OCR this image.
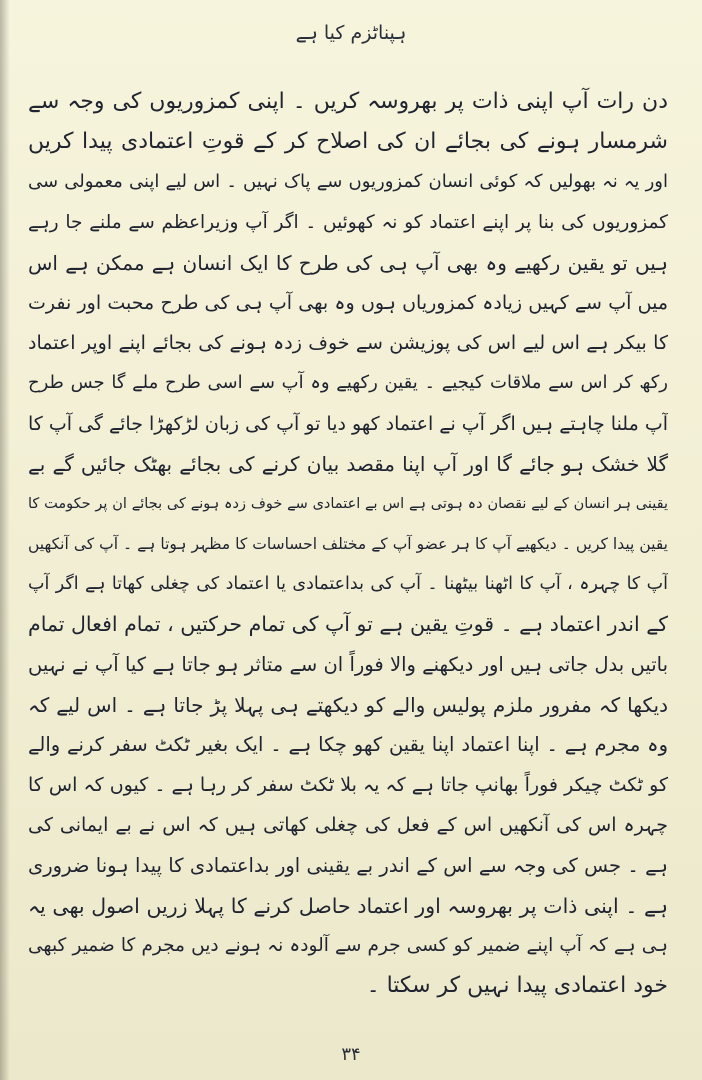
ہپناٹزم کیا ہے
دن رات آپ اپنی ذات پر بھروسہ کریں ۔ اپنی کمزوریوں کی وجہ سے
شرمسار ہونے کی بجائے ان کی اصلاح کر کے قوتِ اعتمادی پیدا کریں
اور یہ نہ بھولیں کہ کوئی انسان کمزوریوں سے پاک نہیں ۔ اس لیے اپنی معمولی سی
کمزوریوں کی بنا پر اپنے اعتماد کو نہ کھوئیں ۔ اگر آپ وزیراعظم سے ملنے جا رہے
ہیں تو یقین رکھیے وہ بھی آپ ہی کی طرح کا ایک انسان ہے ممکن ہے اس
میں آپ سے کہیں زیادہ کمزوریاں ہوں وہ بھی آپ ہی کی طرح محبت اور نفرت
کا بیکر ہے اس لیے اس کی پوزیشن سے خوف زدہ ہونے کی بجائے اپنے اوپر اعتماد
رکھ کر اس سے ملاقات کیجیے ۔ یقین رکھیے وہ آپ سے اسی طرح ملے گا جس طرح
آپ ملنا چاہتے ہیں اگر آپ نے اعتماد کھو دیا تو آپ کی زبان لڑکھڑا جائے گی آپ کا
گلا خشک ہو جائے گا اور آپ اپنا مقصد بیان کرنے کی بجائے بھٹک جائیں گے بے
یقینی ہر انسان کے لیے نقصان دہ ہوتی ہے اس بے اعتمادی سے خوف زدہ ہونے کی بجائے ان پر حکومت کا
یقین پیدا کریں ۔ دیکھیے آپ کا ہر عضو آپ کے مختلف احساسات کا مظہر ہوتا ہے ۔ آپ کی آنکھیں
آپ کا چہرہ ، آپ کا اٹھنا بیٹھنا ۔ آپ کی بداعتمادی یا اعتماد کی چغلی کھاتا ہے اگر آپ
کے اندر اعتماد ہے ۔ قوتِ یقین ہے تو آپ کی تمام حرکتیں ، تمام افعال تمام
باتیں بدل جاتی ہیں اور دیکھنے والا فوراً ان سے متاثر ہو جاتا ہے کیا آپ نے نہیں
دیکھا کہ مفرور ملزم پولیس والے کو دیکھتے ہی پہلا پڑ جاتا ہے ۔ اس لیے کہ
وہ مجرم ہے ۔ اپنا اعتماد اپنا یقین کھو چکا ہے ۔ ایک بغیر ٹکٹ سفر کرنے والے
کو ٹکٹ چیکر فوراً بھانپ جاتا ہے کہ یہ بلا ٹکٹ سفر کر رہا ہے ۔ کیوں کہ اس کا
چہرہ اس کی آنکھیں اس کے فعل کی چغلی کھاتی ہیں کہ اس نے بے ایمانی کی
ہے ۔ جس کی وجہ سے اس کے اندر بے یقینی اور بداعتمادی کا پیدا ہونا ضروری
ہے ۔ اپنی ذات پر بھروسہ اور اعتماد حاصل کرنے کا پہلا زریں اصول بھی یہ
ہی ہے کہ آپ اپنے ضمیر کو کسی جرم سے آلودہ نہ ہونے دیں مجرم کا ضمیر کبھی
خود اعتمادی پیدا نہیں کر سکتا ۔
۳۴
